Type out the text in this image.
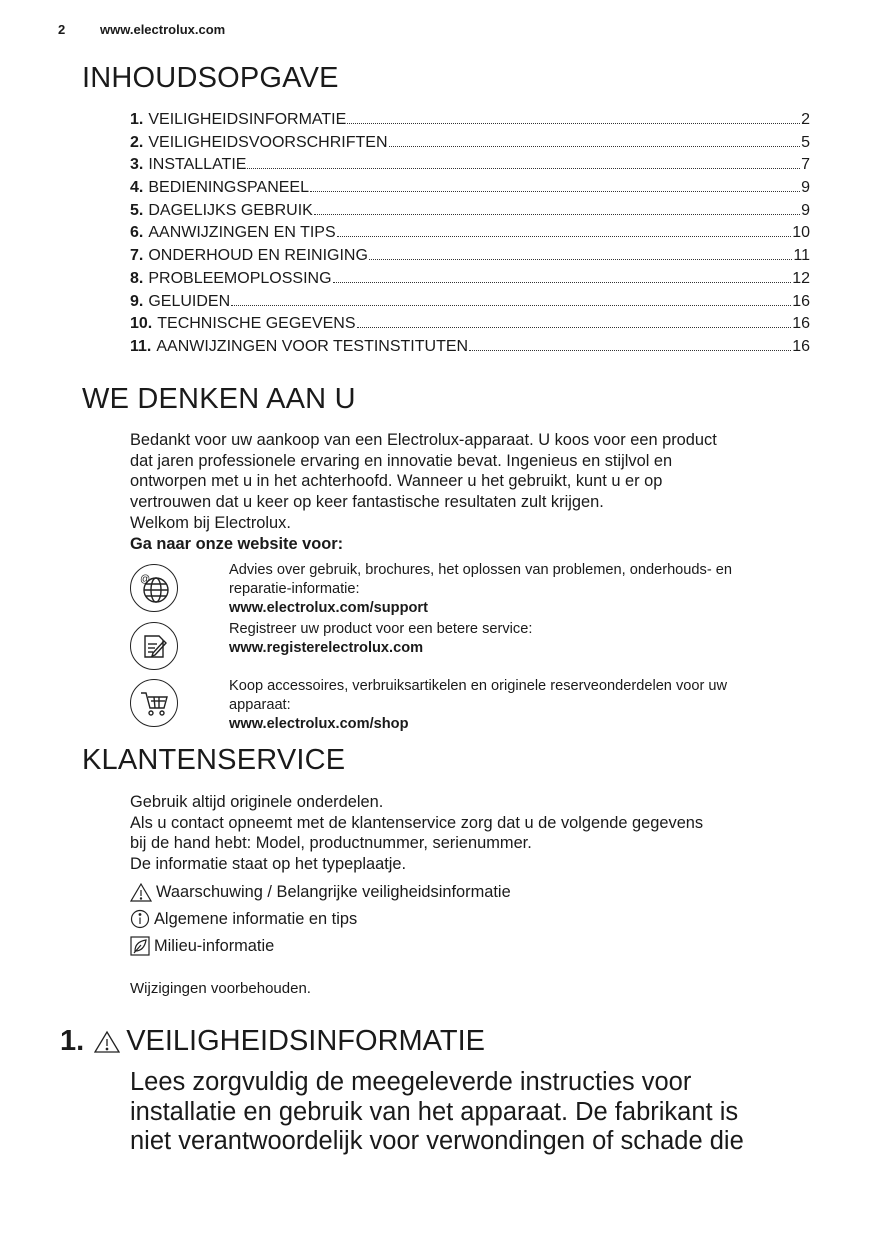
2	www.electrolux.com
INHOUDSOPGAVE
1. VEILIGHEIDSINFORMATIE	2
2. VEILIGHEIDSVOORSCHRIFTEN	5
3. INSTALLATIE	7
4. BEDIENINGSPANEEL	9
5. DAGELIJKS GEBRUIK	9
6. AANWIJZINGEN EN TIPS	10
7. ONDERHOUD EN REINIGING	11
8. PROBLEEMOPLOSSING	12
9. GELUIDEN	16
10. TECHNISCHE GEGEVENS	16
11. AANWIJZINGEN VOOR TESTINSTITUTEN	16
WE DENKEN AAN U

Bedankt voor uw aankoop van een Electrolux-apparaat. U koos voor een product

dat jaren professionele ervaring en innovatie bevat. Ingenieus en stijlvol en

ontworpen met u in het achterhoofd. Wanneer u het gebruikt, kunt u er op

vertrouwen dat u keer op keer fantastische resultaten zult krijgen.

Welkom bij Electrolux.

Ga naar onze website voor:

@

Advies over gebruik, brochures, het oplossen van problemen, onderhouds- en

reparatie-informatie:

www.electrolux.com/support

Registreer uw product voor een betere service:

www.registerelectrolux.com

Koop accessoires, verbruiksartikelen en originele reserveonderdelen voor uw

apparaat:

www.electrolux.com/shop

KLANTENSERVICE

Gebruik altijd originele onderdelen.

Als u contact opneemt met de klantenservice zorg dat u de volgende gegevens

bij de hand hebt: Model, productnummer, serienummer.

De informatie staat op het typeplaatje.

Waarschuwing / Belangrijke veiligheidsinformatie
Algemene informatie en tips
Milieu-informatie

Wijzigingen voorbehouden.

1. VEILIGHEIDSINFORMATIE
Lees zorgvuldig de meegeleverde instructies voor
installatie en gebruik van het apparaat. De fabrikant is
niet verantwoordelijk voor verwondingen of schade die
